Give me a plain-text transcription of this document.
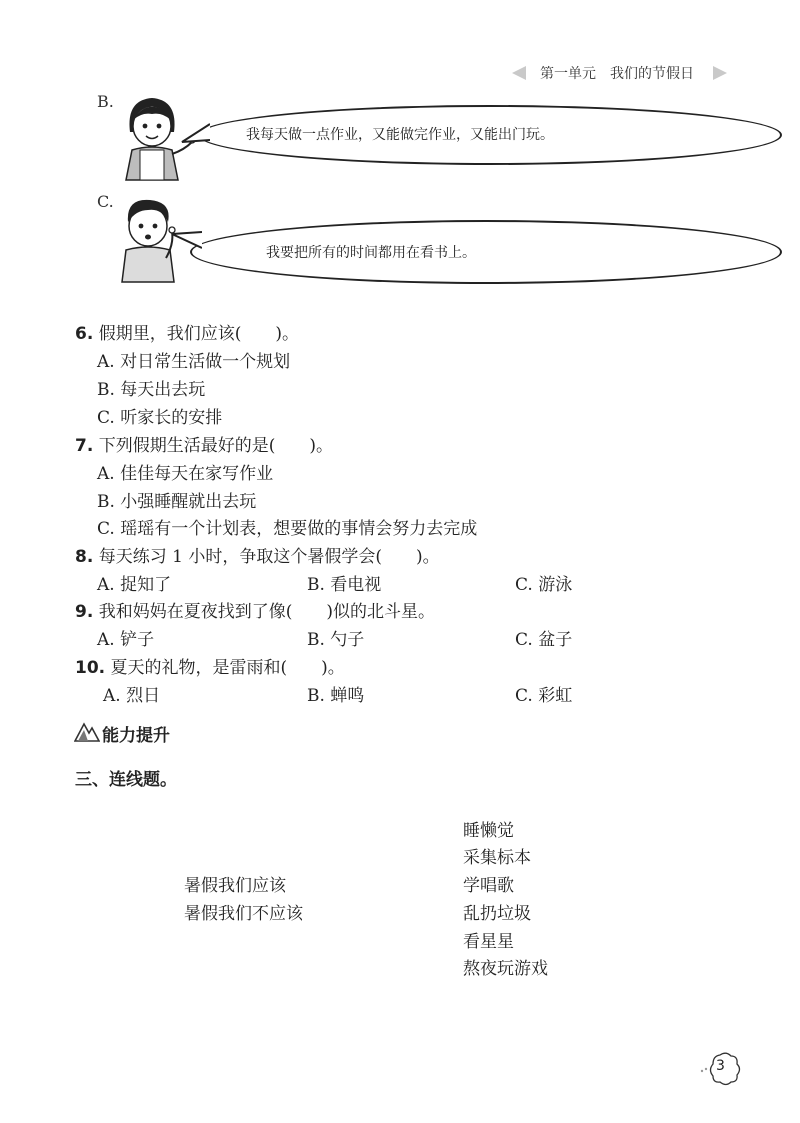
第一单元　我们的节假日
B.
我每天做一点作业，又能做完作业，又能出门玩。
C.
我要把所有的时间都用在看书上。
6. 假期里，我们应该(　　)。
A. 对日常生活做一个规划
B. 每天出去玩
C. 听家长的安排
7. 下列假期生活最好的是(　　)。
A. 佳佳每天在家写作业
B. 小强睡醒就出去玩
C. 瑶瑶有一个计划表，想要做的事情会努力去完成
8. 每天练习 1 小时，争取这个暑假学会(　　)。
A. 捉知了	B. 看电视	C. 游泳
9. 我和妈妈在夏夜找到了像(　　)似的北斗星。
A. 铲子	B. 勺子	C. 盆子
10. 夏天的礼物，是雷雨和(　　)。
A. 烈日	B. 蝉鸣	C. 彩虹
能力提升
三、连线题。
暑假我们应该
暑假我们不应该
睡懒觉
采集标本
学唱歌
乱扔垃圾
看星星
熬夜玩游戏
3
